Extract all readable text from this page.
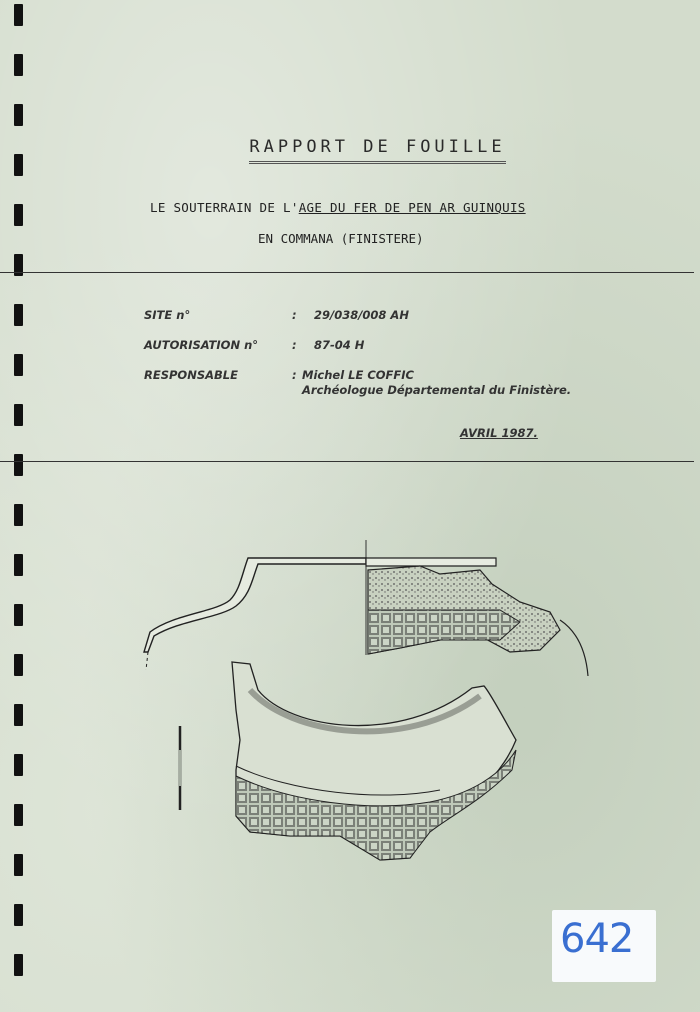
RAPPORT DE FOUILLE
LE SOUTERRAIN DE L'AGE DU FER DE PEN AR GUINQUIS
EN COMMANA (FINISTERE)
SITE n°	: 29/038/008 AH
AUTORISATION n°	: 87-04 H
RESPONSABLE	: Michel LE COFFIC
Archéologue Départemental du Finistère.
AVRIL 1987.
642
